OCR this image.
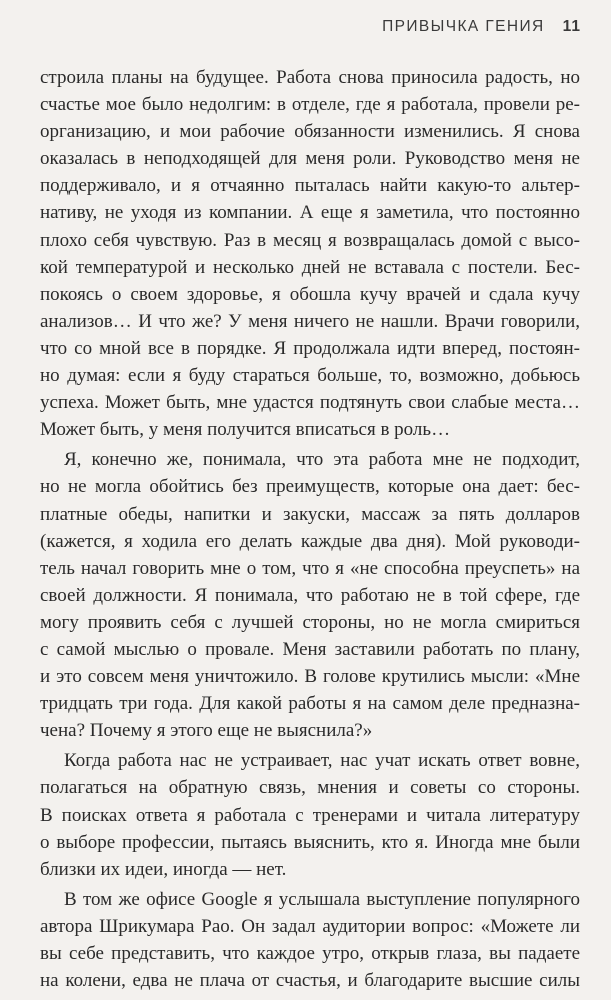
ПРИВЫЧКА ГЕНИЯ 11

строила планы на будущее. Работа снова приносила радость, но
счастье мое было недолгим: в отделе, где я работала, провели ре-
организацию, и мои рабочие обязанности изменились. Я снова
оказалась в неподходящей для меня роли. Руководство меня не
поддерживало, и я отчаянно пыталась найти какую-то альтер-
нативу, не уходя из компании. А еще я заметила, что постоянно
плохо себя чувствую. Раз в месяц я возвращалась домой с высо-
кой температурой и несколько дней не вставала с постели. Бес-
покоясь о своем здоровье, я обошла кучу врачей и сдала кучу
анализов… И что же? У меня ничего не нашли. Врачи говорили,
что со мной все в порядке. Я продолжала идти вперед, постоян-
но думая: если я буду стараться больше, то, возможно, добьюсь
успеха. Может быть, мне удастся подтянуть свои слабые места…
Может быть, у меня получится вписаться в роль…

Я, конечно же, понимала, что эта работа мне не подходит,
но не могла обойтись без преимуществ, которые она дает: бес-
платные обеды, напитки и закуски, массаж за пять долларов
(кажется, я ходила его делать каждые два дня). Мой руководи-
тель начал говорить мне о том, что я «не способна преуспеть» на
своей должности. Я понимала, что работаю не в той сфере, где
могу проявить себя с лучшей стороны, но не могла смириться
с самой мыслью о провале. Меня заставили работать по плану,
и это совсем меня уничтожило. В голове крутились мысли: «Мне
тридцать три года. Для какой работы я на самом деле предназна-
чена? Почему я этого еще не выяснила?»

Когда работа нас не устраивает, нас учат искать ответ вовне,
полагаться на обратную связь, мнения и советы со стороны.
В поисках ответа я работала с тренерами и читала литературу
о выборе профессии, пытаясь выяснить, кто я. Иногда мне были
близки их идеи, иногда — нет.

В том же офисе Google я услышала выступление популярного
автора Шрикумара Рао. Он задал аудитории вопрос: «Можете ли
вы себе представить, что каждое утро, открыв глаза, вы падаете
на колени, едва не плача от счастья, и благодарите высшие силы
